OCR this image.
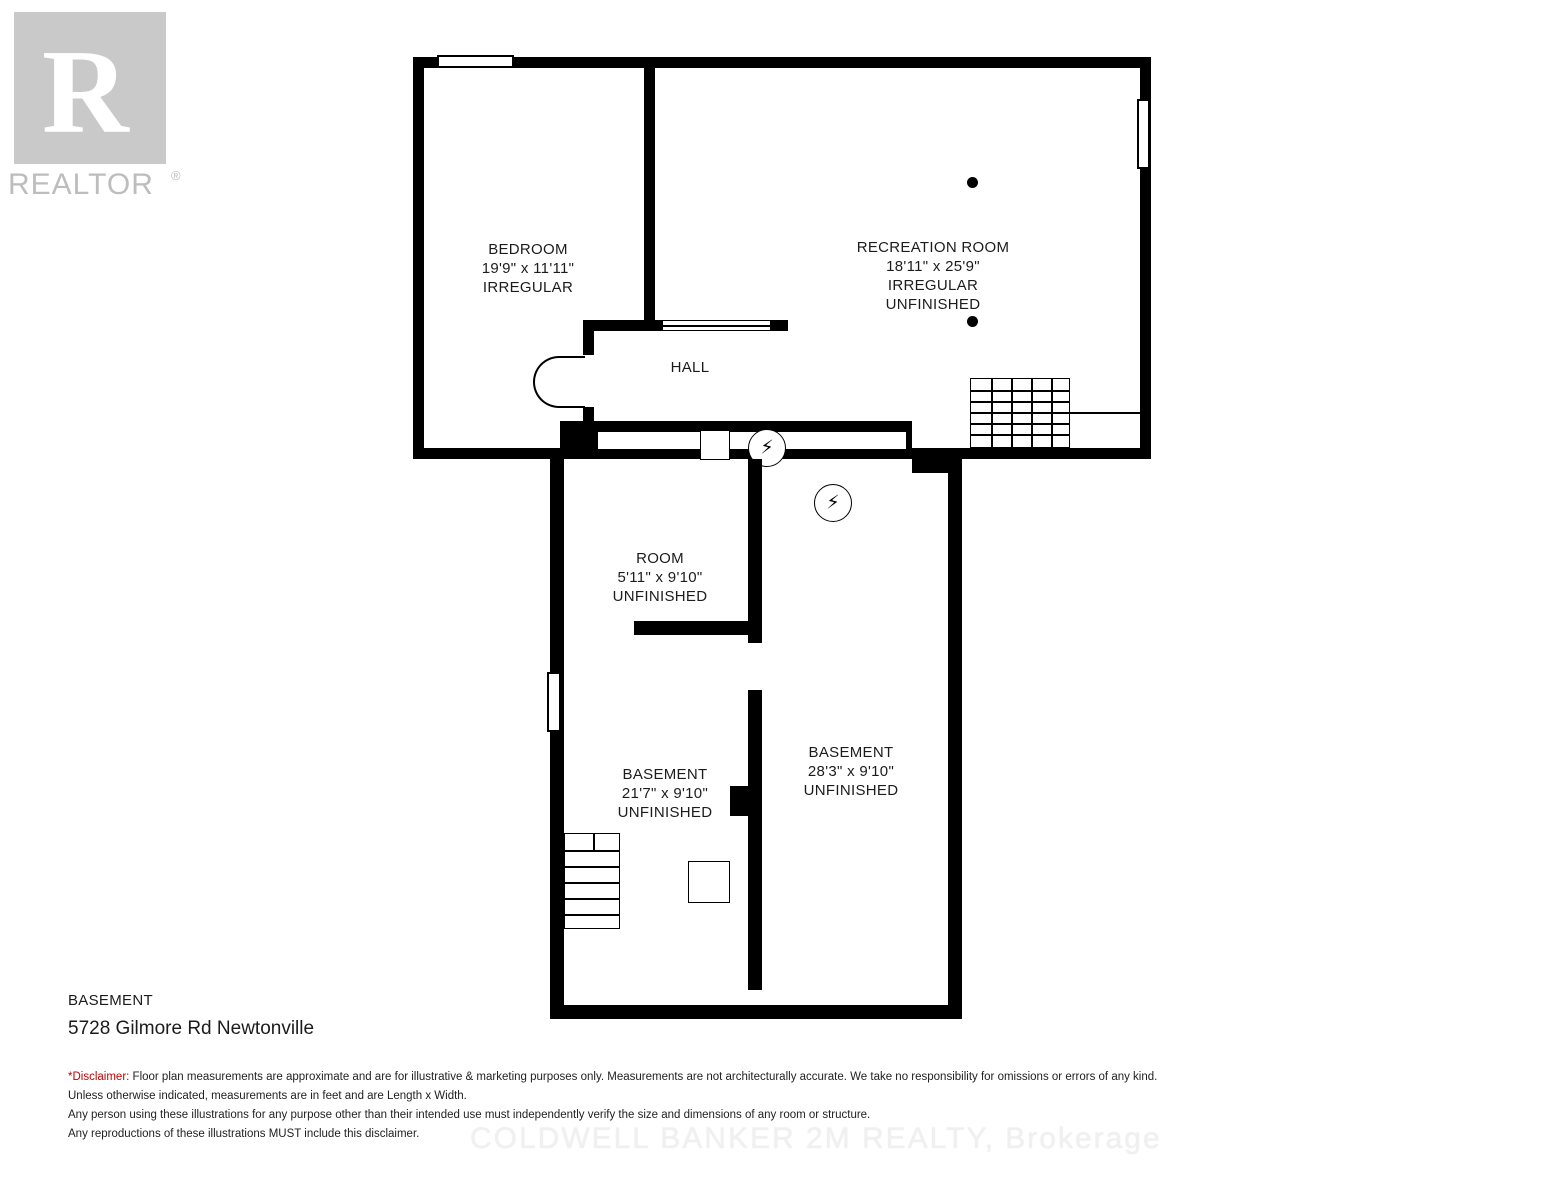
R
REALTOR ®
⚡
⚡
BEDROOM
19'9" x 11'11"
IRREGULAR
RECREATION ROOM
18'11" x 25'9"
IRREGULAR
UNFINISHED
HALL
ROOM
5'11" x 9'10"
UNFINISHED
BASEMENT
21'7" x 9'10"
UNFINISHED
BASEMENT
28'3" x 9'10"
UNFINISHED
BASEMENT
5728 Gilmore Rd Newtonville
*Disclaimer: Floor plan measurements are approximate and are for illustrative & marketing purposes only. Measurements are not architecturally accurate. We take no responsibility for omissions or errors of any kind.
Unless otherwise indicated, measurements are in feet and are Length x Width.
Any person using these illustrations for any purpose other than their intended use must independently verify the size and dimensions of any room or structure.
Any reproductions of these illustrations MUST include this disclaimer.	COLDWELL BANKER 2M REALTY, Brokerage
